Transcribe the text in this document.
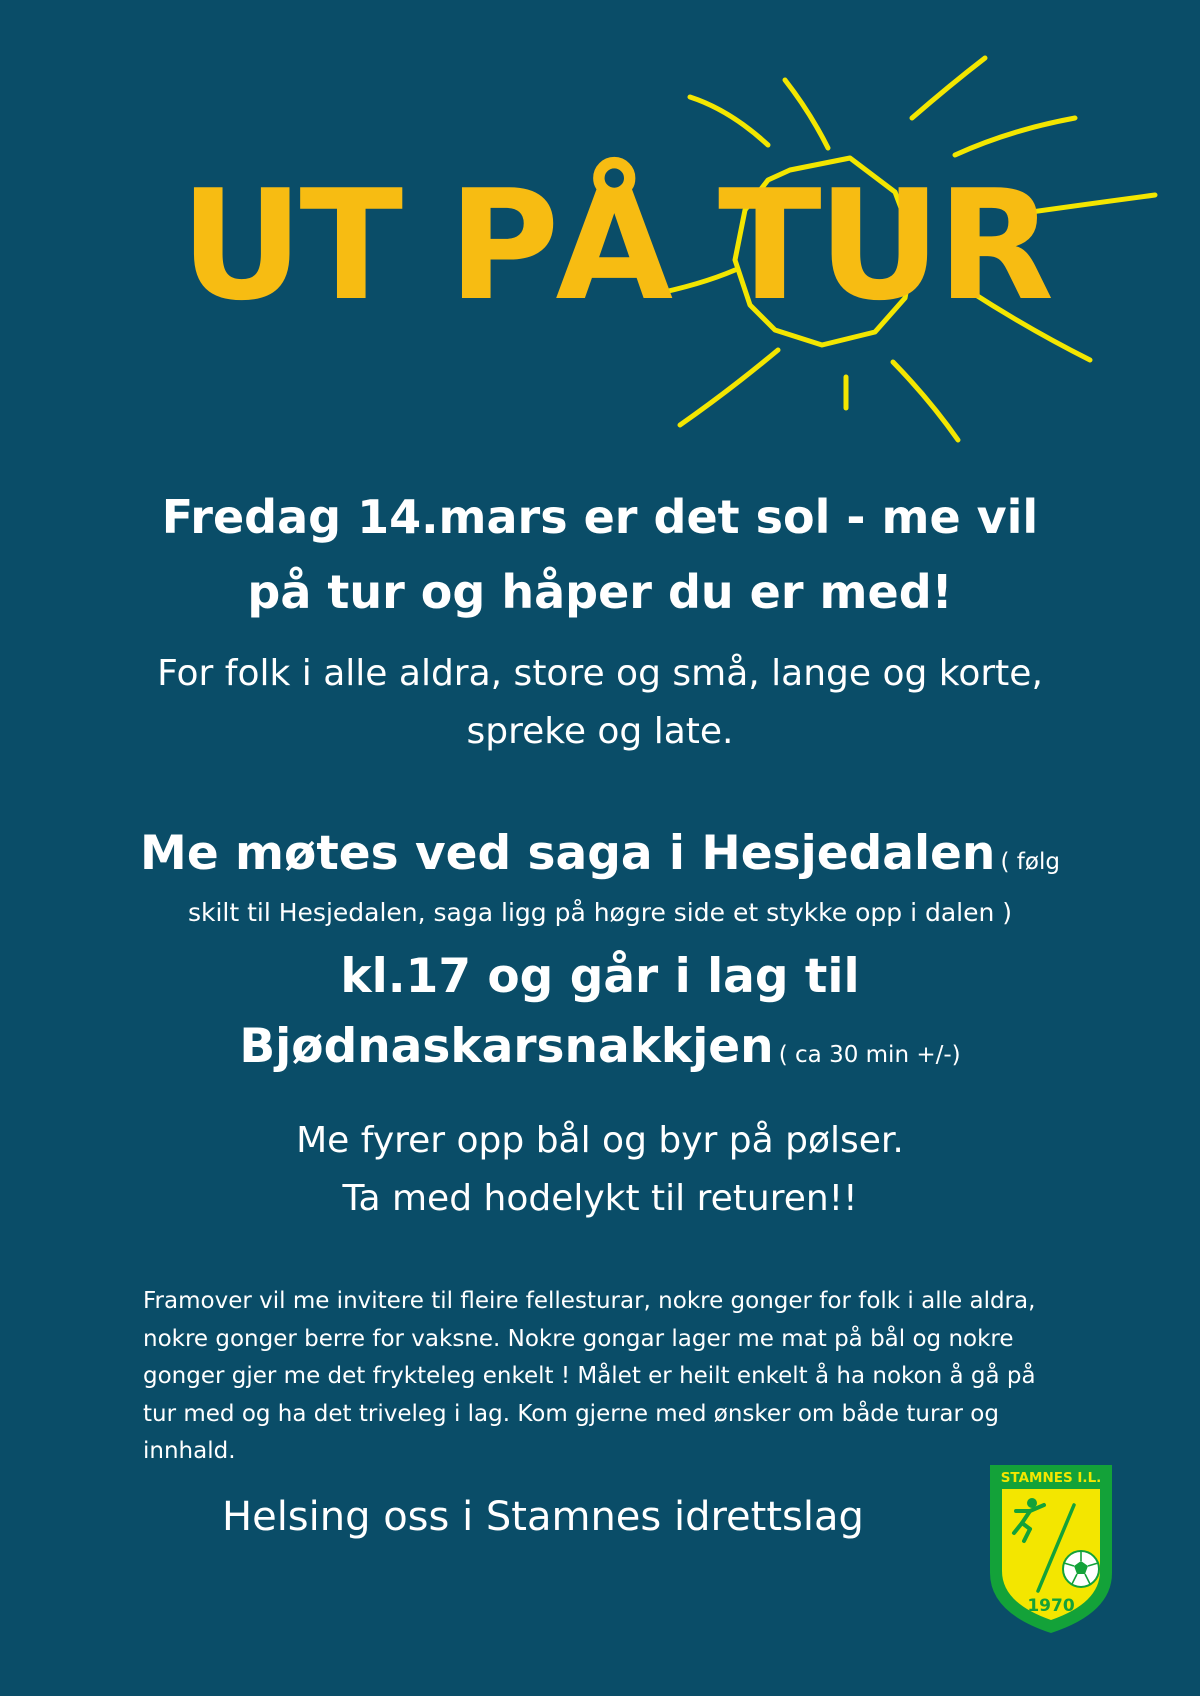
UT PÅ TUR

Fredag 14.mars er det sol - me vil på tur og håper du er med!

For folk i alle aldra, store og små, lange og korte, spreke og late.

Me møtes ved saga i Hesjedalen ( følg

skilt til Hesjedalen, saga ligg på høgre side et stykke opp i dalen )

kl.17 og går i lag til

Bjødnaskarsnakkjen ( ca 30 min +/-)

Me fyrer opp bål og byr på pølser.
Ta med hodelykt til returen!!

Framover vil me invitere til fleire fellesturar, nokre gonger for folk i alle aldra, nokre gonger berre for vaksne. Nokre gongar lager me mat på bål og nokre gonger gjer me det frykteleg enkelt ! Målet er heilt enkelt å ha nokon å gå på tur med og ha det triveleg i lag. Kom gjerne med ønsker om både turar og innhald.

Helsing oss i Stamnes idrettslag

STAMNES I.L.
1970
